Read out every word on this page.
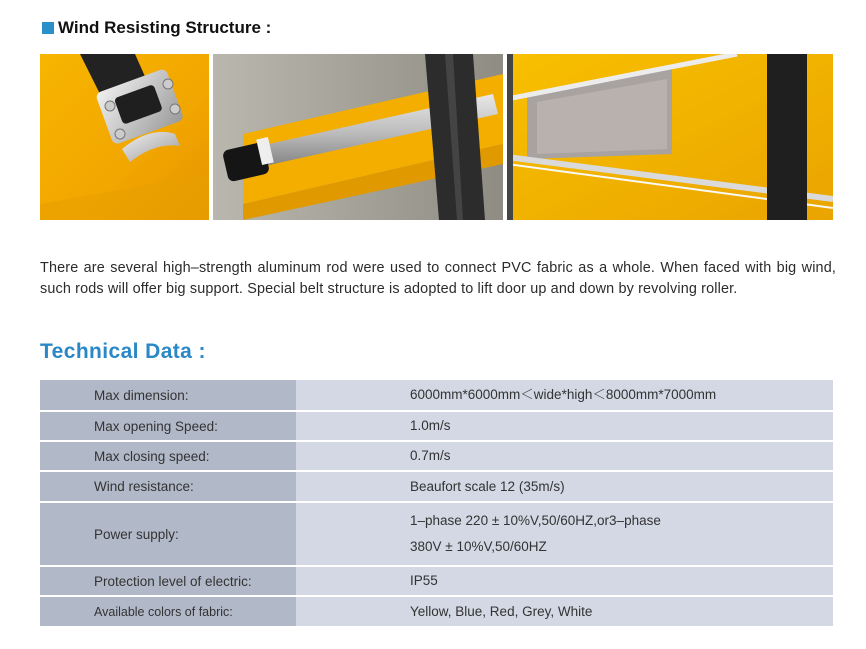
Wind Resisting Structure :

There are several high–strength aluminum rod were used to connect PVC fabric as a whole. When faced with big wind, such rods will offer big support. Special belt structure is adopted to lift door up and down by revolving roller.

Technical Data :
Max dimension:	6000mm*6000mm＜wide*high＜8000mm*7000mm

Max opening Speed:	1.0m/s

Max closing speed:	0.7m/s

Wind resistance:	Beaufort scale 12 (35m/s)

Power supply:	1–phase 220 ± 10%V,50/60HZ,or3–phase
380V ± 10%V,50/60HZ

Protection level of electric:	IP55

Available colors of fabric:	Yellow, Blue, Red, Grey, White
